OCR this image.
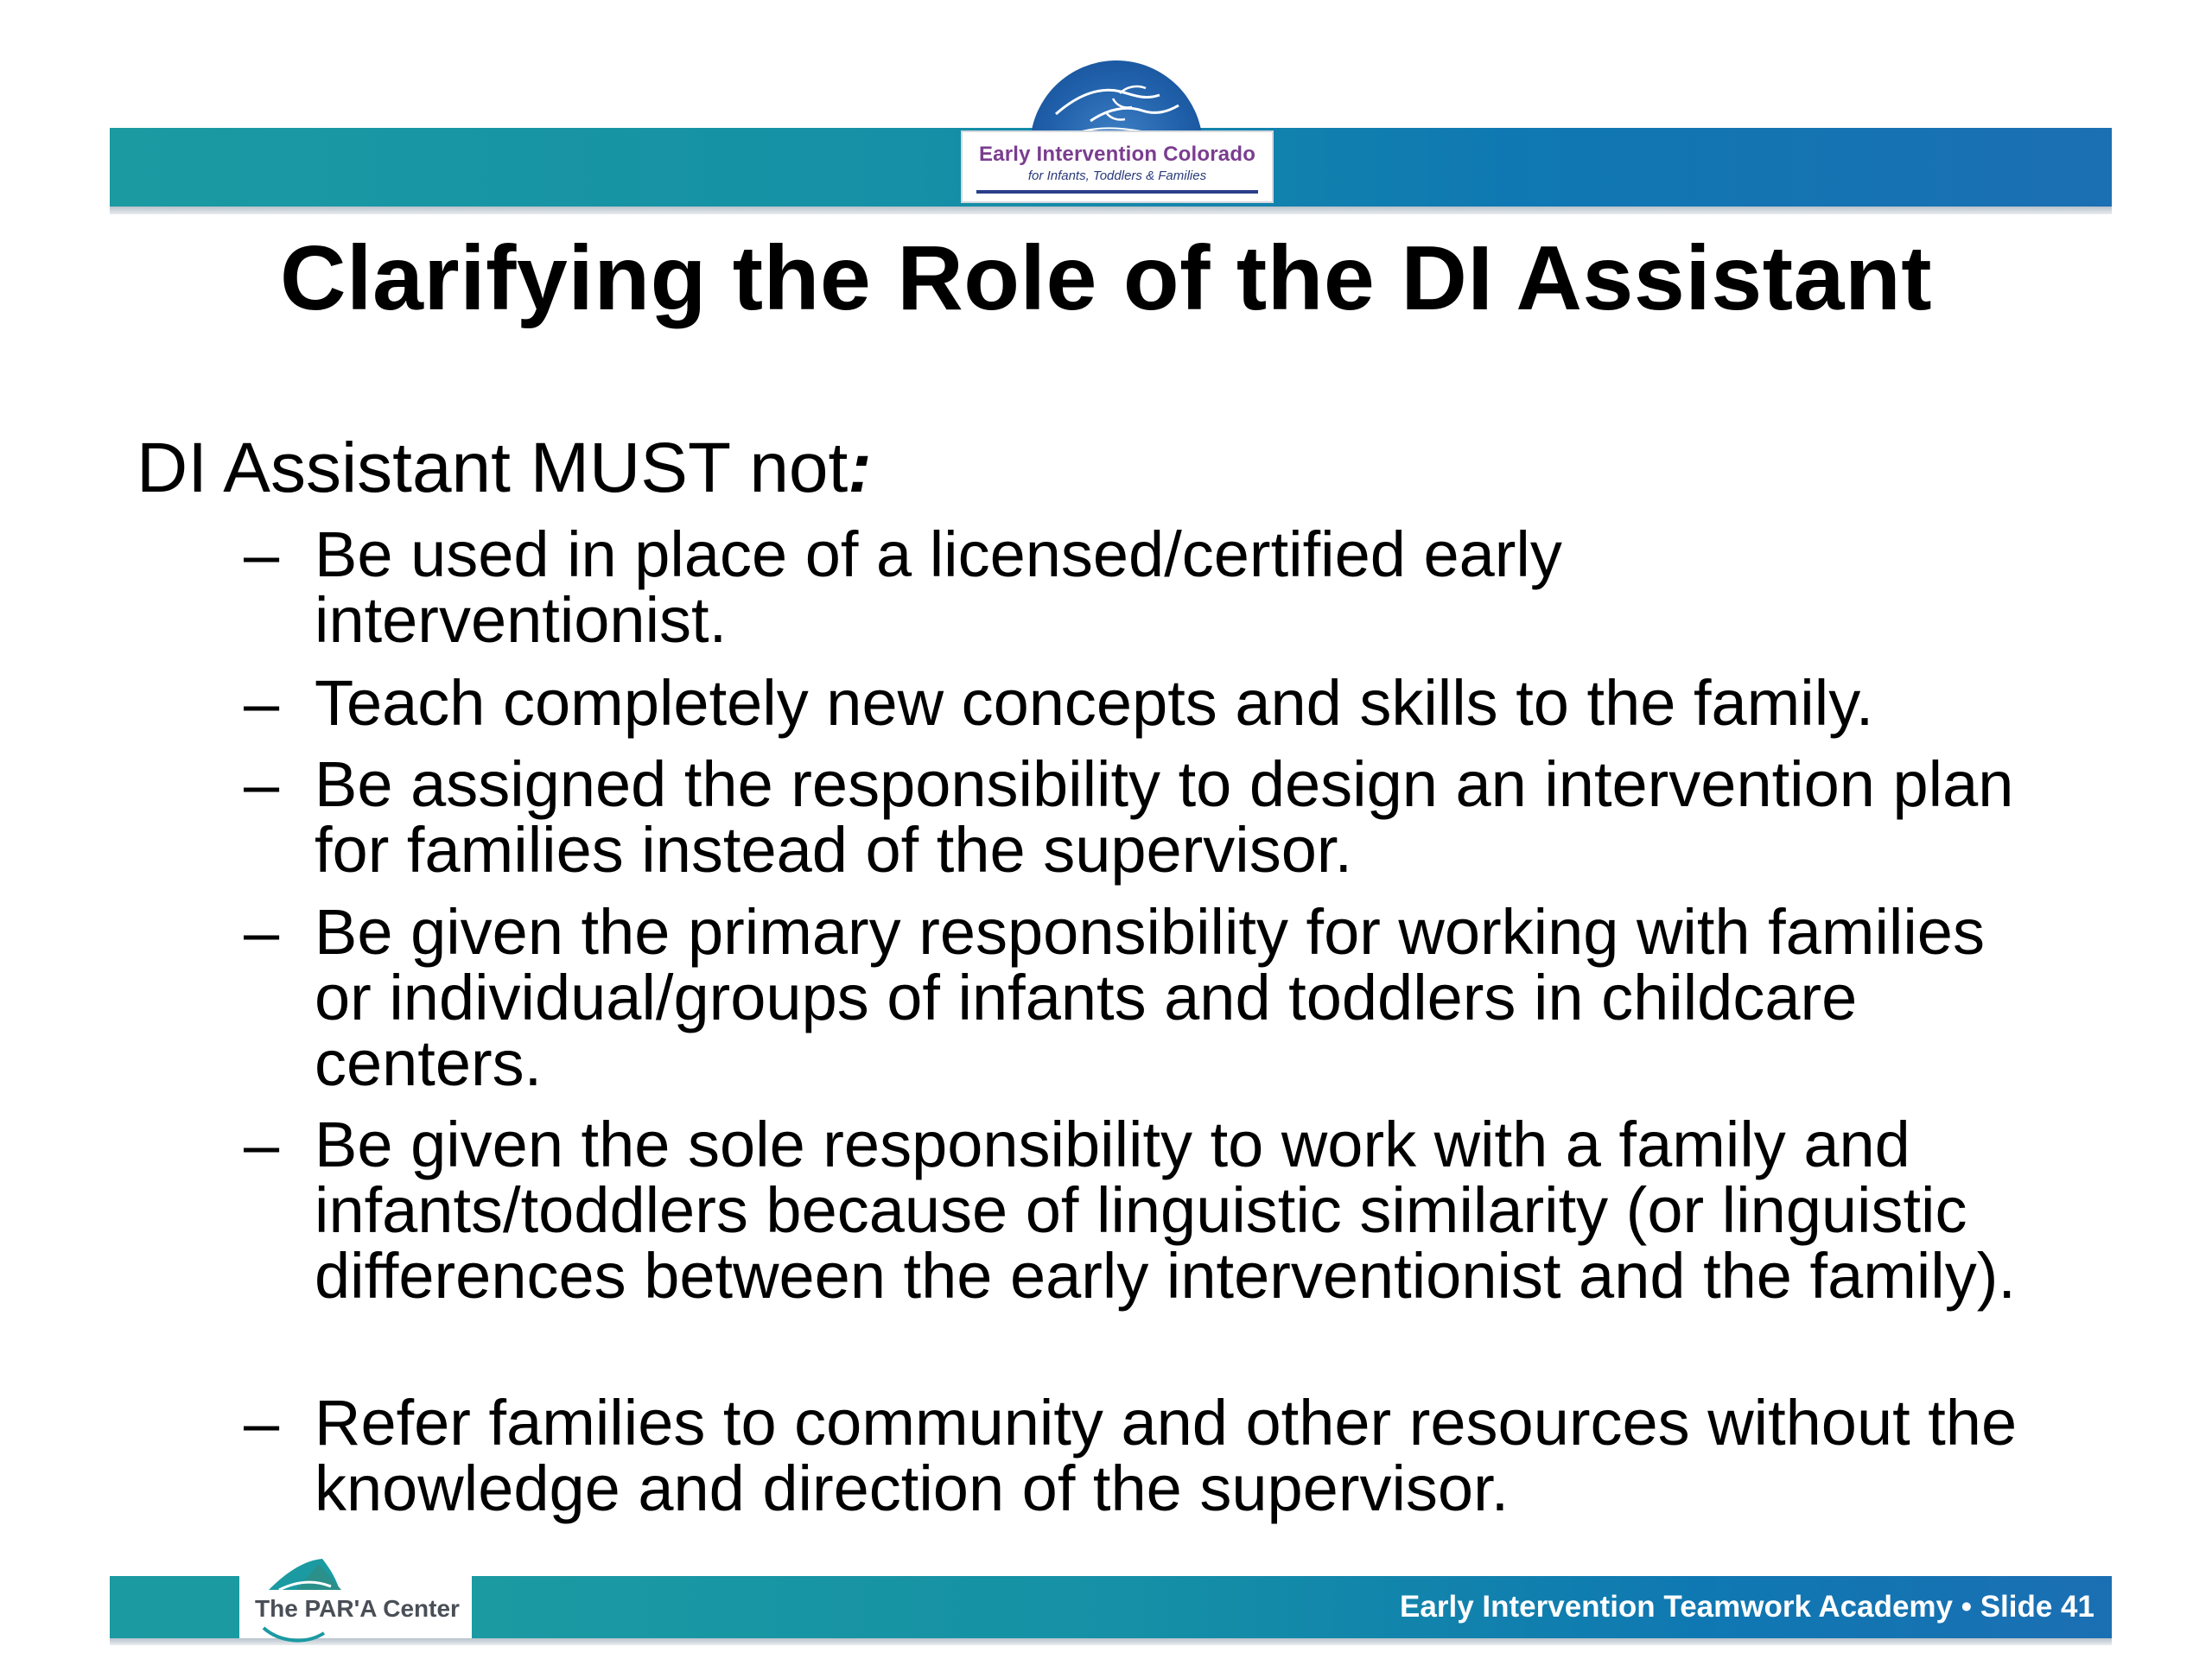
Early Intervention Colorado
for Infants, Toddlers & Families
Clarifying the Role of the DI Assistant
DI Assistant MUST not:
– Be used in place of a licensed/certified early interventionist.
– Teach completely new concepts and skills to the family.
– Be assigned the responsibility to design an intervention plan for families instead of the supervisor.
– Be given the primary responsibility for working with families or individual/groups of infants and toddlers in childcare centers.
– Be given the sole responsibility to work with a family and infants/toddlers because of linguistic similarity (or linguistic differences between the early interventionist and the family).
– Refer families to community and other resources without the knowledge and direction of the supervisor.
The PAR'A Center	Early Intervention Teamwork Academy • Slide 41
